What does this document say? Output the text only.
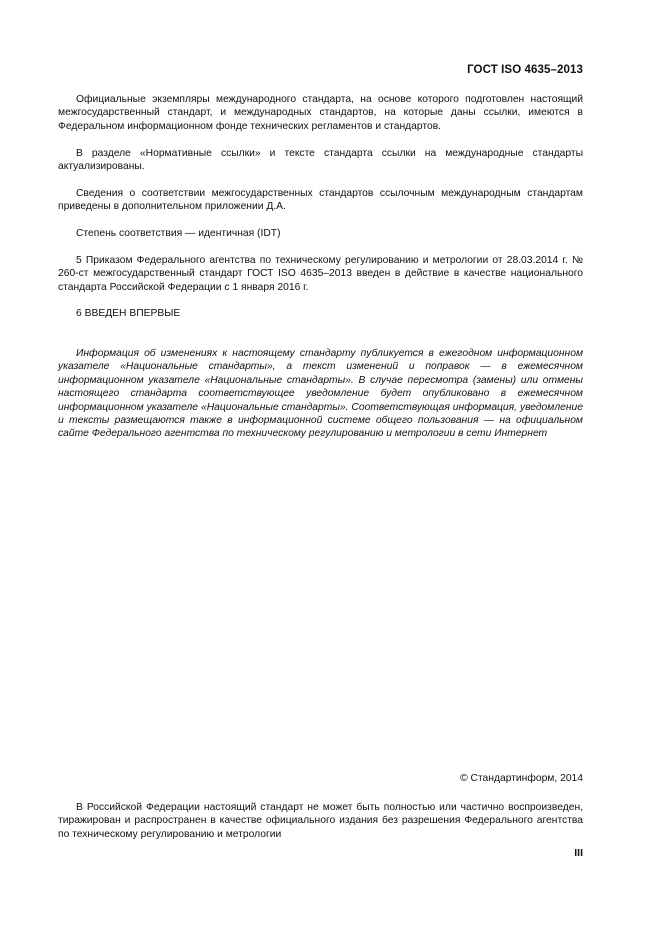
ГОСТ ISO 4635–2013

Официальные экземпляры международного стандарта, на основе которого подготовлен настоящий межгосударственный стандарт, и международных стандартов, на которые даны ссылки, имеются в Федеральном информационном фонде технических регламентов и стандартов.

В разделе «Нормативные ссылки» и тексте стандарта ссылки на международные стандарты актуализированы.

Сведения о соответствии межгосударственных стандартов ссылочным международным стандартам приведены в дополнительном приложении Д.А.

Степень соответствия — идентичная (IDT)

5 Приказом Федерального агентства по техническому регулированию и метрологии от 28.03.2014 г. № 260-ст межгосударственный стандарт ГОСТ ISO 4635–2013 введен в действие в качестве национального стандарта Российской Федерации с 1 января 2016 г.

6 ВВЕДЕН ВПЕРВЫЕ

Информация об изменениях к настоящему стандарту публикуется в ежегодном информационном указателе «Национальные стандарты», а текст изменений и поправок — в ежемесячном информационном указателе «Национальные стандарты». В случае пересмотра (замены) или отмены настоящего стандарта соответствующее уведомление будет опубликовано в ежемесячном информационном указателе «Национальные стандарты». Соответствующая информация, уведомление и тексты размещаются также в информационной системе общего пользования — на официальном сайте Федерального агентства по техническому регулированию и метрологии в сети Интернет

© Стандартинформ, 2014

В Российской Федерации настоящий стандарт не может быть полностью или частично воспроизведен, тиражирован и распространен в качестве официального издания без разрешения Федерального агентства по техническому регулированию и метрологии

III
